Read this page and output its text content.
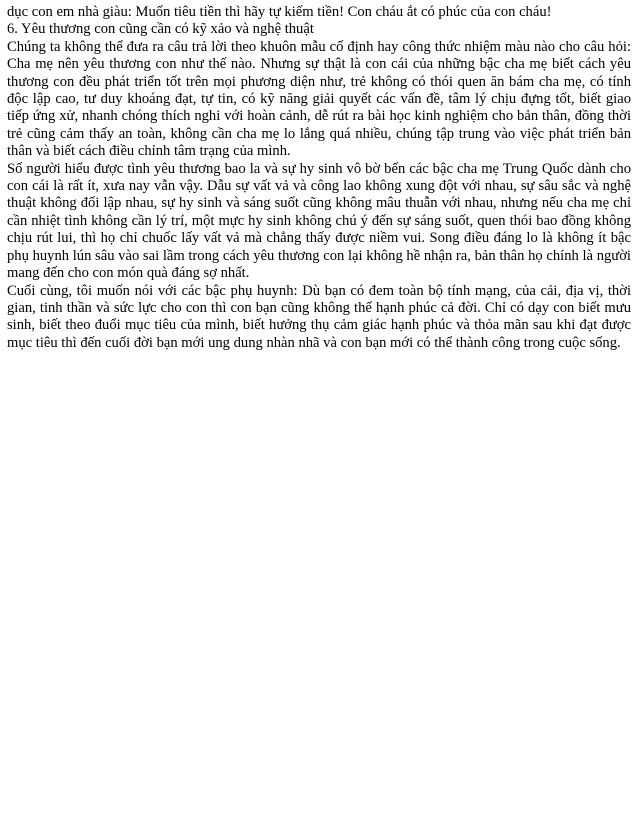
dục con em nhà giàu: Muốn tiêu tiền thì hãy tự kiếm tiền! Con cháu ắt có phúc của con cháu!

6. Yêu thương con cũng cần có kỹ xảo và nghệ thuật

Chúng ta không thể đưa ra câu trả lời theo khuôn mẫu cố định hay công thức nhiệm màu nào cho câu hỏi: Cha mẹ nên yêu thương con như thế nào. Nhưng sự thật là con cái của những bậc cha mẹ biết cách yêu thương con đều phát triển tốt trên mọi phương diện như, trẻ không có thói quen ăn bám cha mẹ, có tính độc lập cao, tư duy khoáng đạt, tự tin, có kỹ năng giải quyết các vấn đề, tâm lý chịu đựng tốt, biết giao tiếp ứng xử, nhanh chóng thích nghi với hoàn cảnh, dễ rút ra bài học kinh nghiệm cho bản thân, đồng thời trẻ cũng cảm thấy an toàn, không cần cha mẹ lo lắng quá nhiều, chúng tập trung vào việc phát triển bản thân và biết cách điều chỉnh tâm trạng của mình.

Số người hiểu được tình yêu thương bao la và sự hy sinh vô bờ bến các bậc cha mẹ Trung Quốc dành cho con cái là rất ít, xưa nay vẫn vậy. Dẫu sự vất vả và công lao không xung đột với nhau, sự sâu sắc và nghệ thuật không đối lập nhau, sự hy sinh và sáng suốt cũng không mâu thuẫn với nhau, nhưng nếu cha mẹ chỉ cần nhiệt tình không cần lý trí, một mực hy sinh không chú ý đến sự sáng suốt, quen thói bao đồng không chịu rút lui, thì họ chỉ chuốc lấy vất vả mà chẳng thấy được niềm vui. Song điều đáng lo là không ít bậc phụ huynh lún sâu vào sai lầm trong cách yêu thương con lại không hề nhận ra, bản thân họ chính là người mang đến cho con món quà đáng sợ nhất.

Cuối cùng, tôi muốn nói với các bậc phụ huynh: Dù bạn có đem toàn bộ tính mạng, của cải, địa vị, thời gian, tinh thần và sức lực cho con thì con bạn cũng không thể hạnh phúc cả đời. Chỉ có dạy con biết mưu sinh, biết theo đuổi mục tiêu của mình, biết hưởng thụ cảm giác hạnh phúc và thỏa mãn sau khi đạt được mục tiêu thì đến cuối đời bạn mới ung dung nhàn nhã và con bạn mới có thể thành công trong cuộc sống.
